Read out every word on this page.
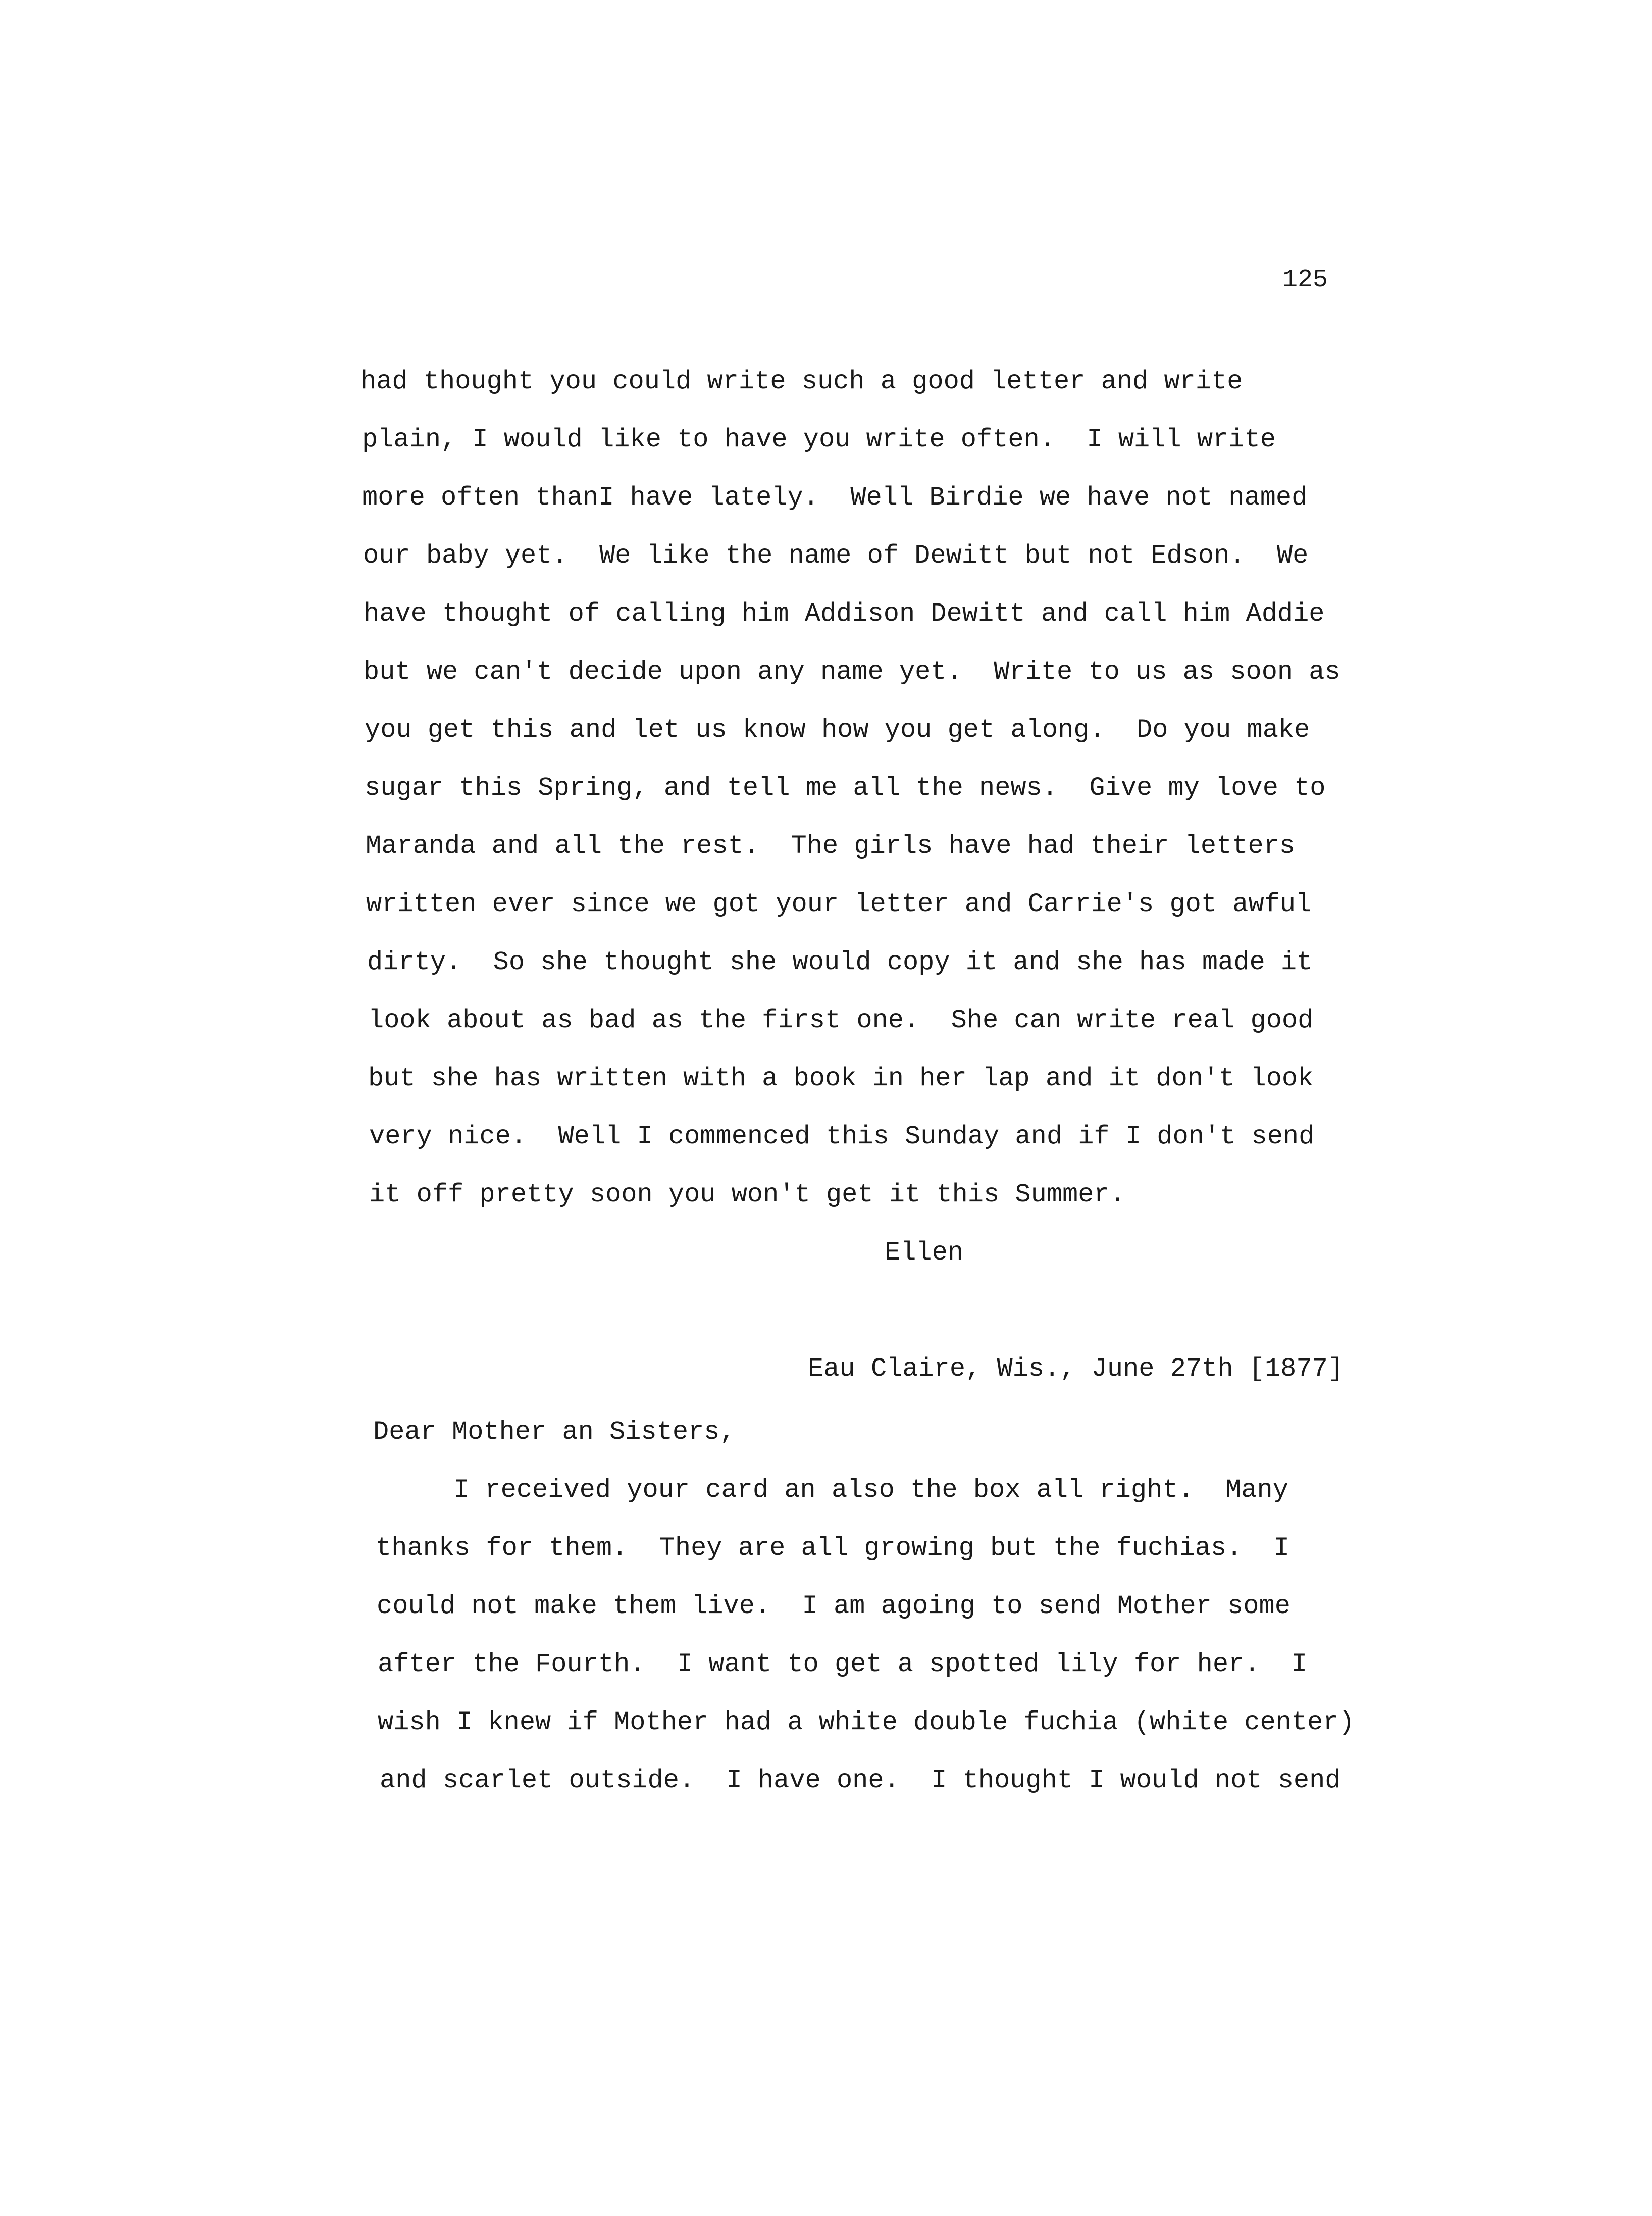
125
had thought you could write such a good letter and write
plain, I would like to have you write often.  I will write
more often thanI have lately.  Well Birdie we have not named
our baby yet.  We like the name of Dewitt but not Edson.  We
have thought of calling him Addison Dewitt and call him Addie
but we can't decide upon any name yet.  Write to us as soon as
you get this and let us know how you get along.  Do you make
sugar this Spring, and tell me all the news.  Give my love to
Maranda and all the rest.  The girls have had their letters
written ever since we got your letter and Carrie's got awful
dirty.  So she thought she would copy it and she has made it
look about as bad as the first one.  She can write real good
but she has written with a book in her lap and it don't look
very nice.  Well I commenced this Sunday and if I don't send
it off pretty soon you won't get it this Summer.
Ellen
Eau Claire, Wis., June 27th [1877]
Dear Mother an Sisters,
I received your card an also the box all right.  Many
thanks for them.  They are all growing but the fuchias.  I
could not make them live.  I am agoing to send Mother some
after the Fourth.  I want to get a spotted lily for her.  I
wish I knew if Mother had a white double fuchia (white center)
and scarlet outside.  I have one.  I thought I would not send
